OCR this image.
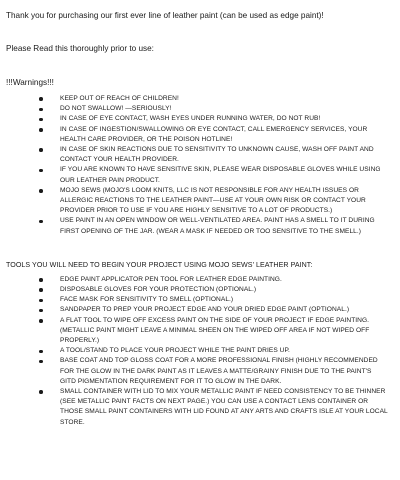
Thank you for purchasing our first ever line of leather paint (can be used as edge paint)!

Please Read this thoroughly prior to use:

!!!Warnings!!!

KEEP OUT OF REACH OF CHILDREN!
DO NOT SWALLOW! —SERIOUSLY!
IN CASE OF EYE CONTACT, WASH EYES UNDER RUNNING WATER, DO NOT RUB!
IN CASE OF INGESTION/SWALLOWING OR EYE CONTACT, CALL EMERGENCY SERVICES, YOUR HEALTH CARE PROVIDER, OR THE POISON HOTLINE!
IN CASE OF SKIN REACTIONS DUE TO SENSITIVITY TO UNKNOWN CAUSE, WASH OFF PAINT AND CONTACT YOUR HEALTH PROVIDER.
IF YOU ARE KNOWN TO HAVE SENSITIVE SKIN, PLEASE WEAR DISPOSABLE GLOVES WHILE USING OUR LEATHER PAIN PRODUCT.
MOJO SEWS (MOJO'S LOOM KNITS, LLC IS NOT RESPONSIBLE FOR ANY HEALTH ISSUES OR ALLERGIC REACTIONS TO THE LEATHER PAINT—USE AT YOUR OWN RISK OR CONTACT YOUR PROVIDER PRIOR TO USE IF YOU ARE HIGHLY SENSITIVE TO A LOT OF PRODUCTS.)
USE PAINT IN AN OPEN WINDOW OR WELL-VENTILATED AREA. PAINT HAS A SMELL TO IT DURING FIRST OPENING OF THE JAR. (WEAR A MASK IF NEEDED OR TOO SENSITIVE TO THE SMELL.)

TOOLS YOU WILL NEED TO BEGIN YOUR PROJECT USING MOJO SEWS' LEATHER PAINT:

EDGE PAINT APPLICATOR PEN TOOL FOR LEATHER EDGE PAINTING.
DISPOSABLE GLOVES FOR YOUR PROTECTION (OPTIONAL.)
FACE MASK FOR SENSITIVITY TO SMELL (OPTIONAL.)
SANDPAPER TO PREP YOUR PROJECT EDGE AND YOUR DRIED EDGE PAINT (OPTIONAL.)
A FLAT TOOL TO WIPE OFF EXCESS PAINT ON THE SIDE OF YOUR PROJECT IF EDGE PAINTING. (METALLIC PAINT MIGHT LEAVE A MINIMAL SHEEN ON THE WIPED OFF AREA IF NOT WIPED OFF PROPERLY.)
A TOOL/STAND TO PLACE YOUR PROJECT WHILE THE PAINT DRIES UP.
BASE COAT AND TOP GLOSS COAT FOR A MORE PROFESSIONAL FINISH (HIGHLY RECOMMENDED FOR THE GLOW IN THE DARK PAINT AS IT LEAVES A MATTE/GRAINY FINISH DUE TO THE PAINT'S GITD PIGMENTATION REQUIREMENT FOR IT TO GLOW IN THE DARK.
SMALL CONTAINER WITH LID TO MIX YOUR METALLIC PAINT IF NEED CONSISTENCY TO BE THINNER (SEE METALLIC PAINT FACTS ON NEXT PAGE.) YOU CAN USE A CONTACT LENS CONTAINER OR THOSE SMALL PAINT CONTAINERS WITH LID FOUND AT ANY ARTS AND CRAFTS ISLE AT YOUR LOCAL STORE.
